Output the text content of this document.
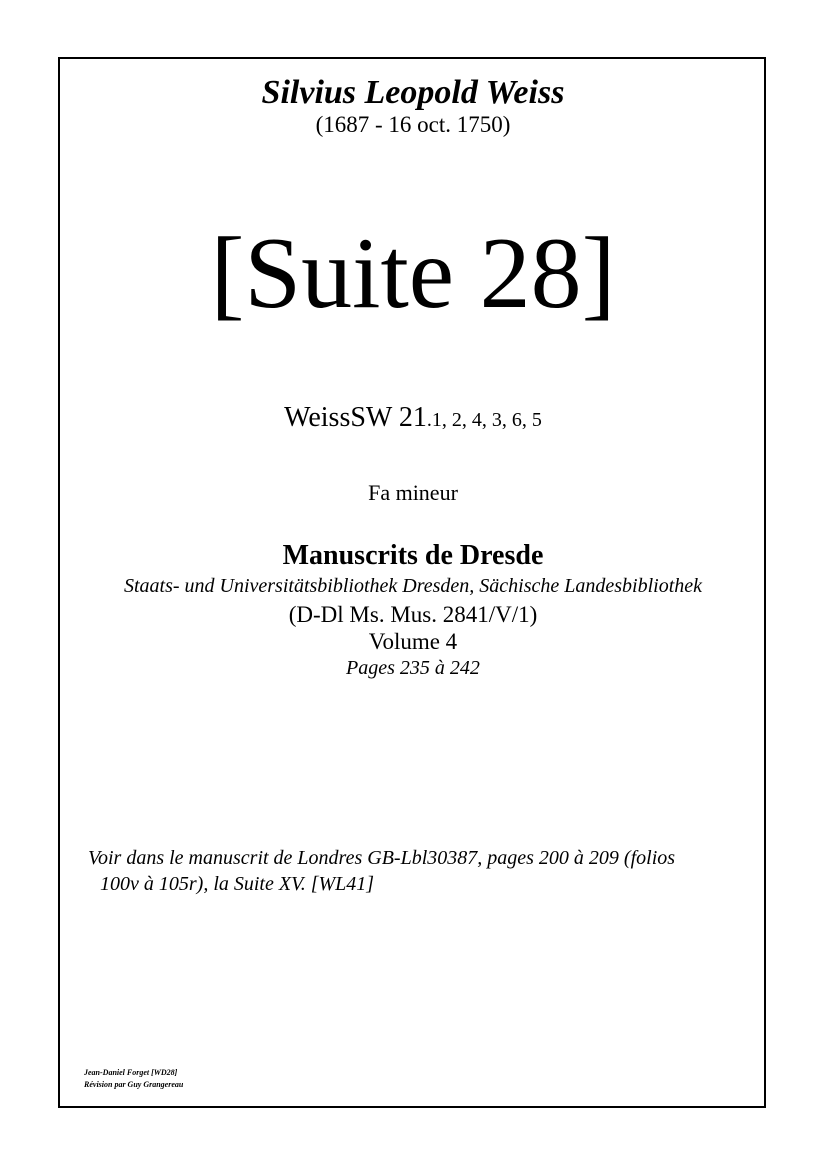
Silvius Leopold Weiss
(1687 - 16 oct. 1750)
[Suite 28]
WeissSW 21.1, 2, 4, 3, 6, 5
Fa mineur
Manuscrits de Dresde
Staats- und Universitätsbibliothek Dresden, Sächische Landesbibliothek
(D-Dl Ms. Mus. 2841/V/1)
Volume 4
Pages 235 à 242
Voir dans le manuscrit de Londres GB-Lbl30387, pages 200 à 209 (folios
100v à 105r), la Suite XV. [WL41]
Jean-Daniel Forget [WD28]
Révision par Guy Grangereau
